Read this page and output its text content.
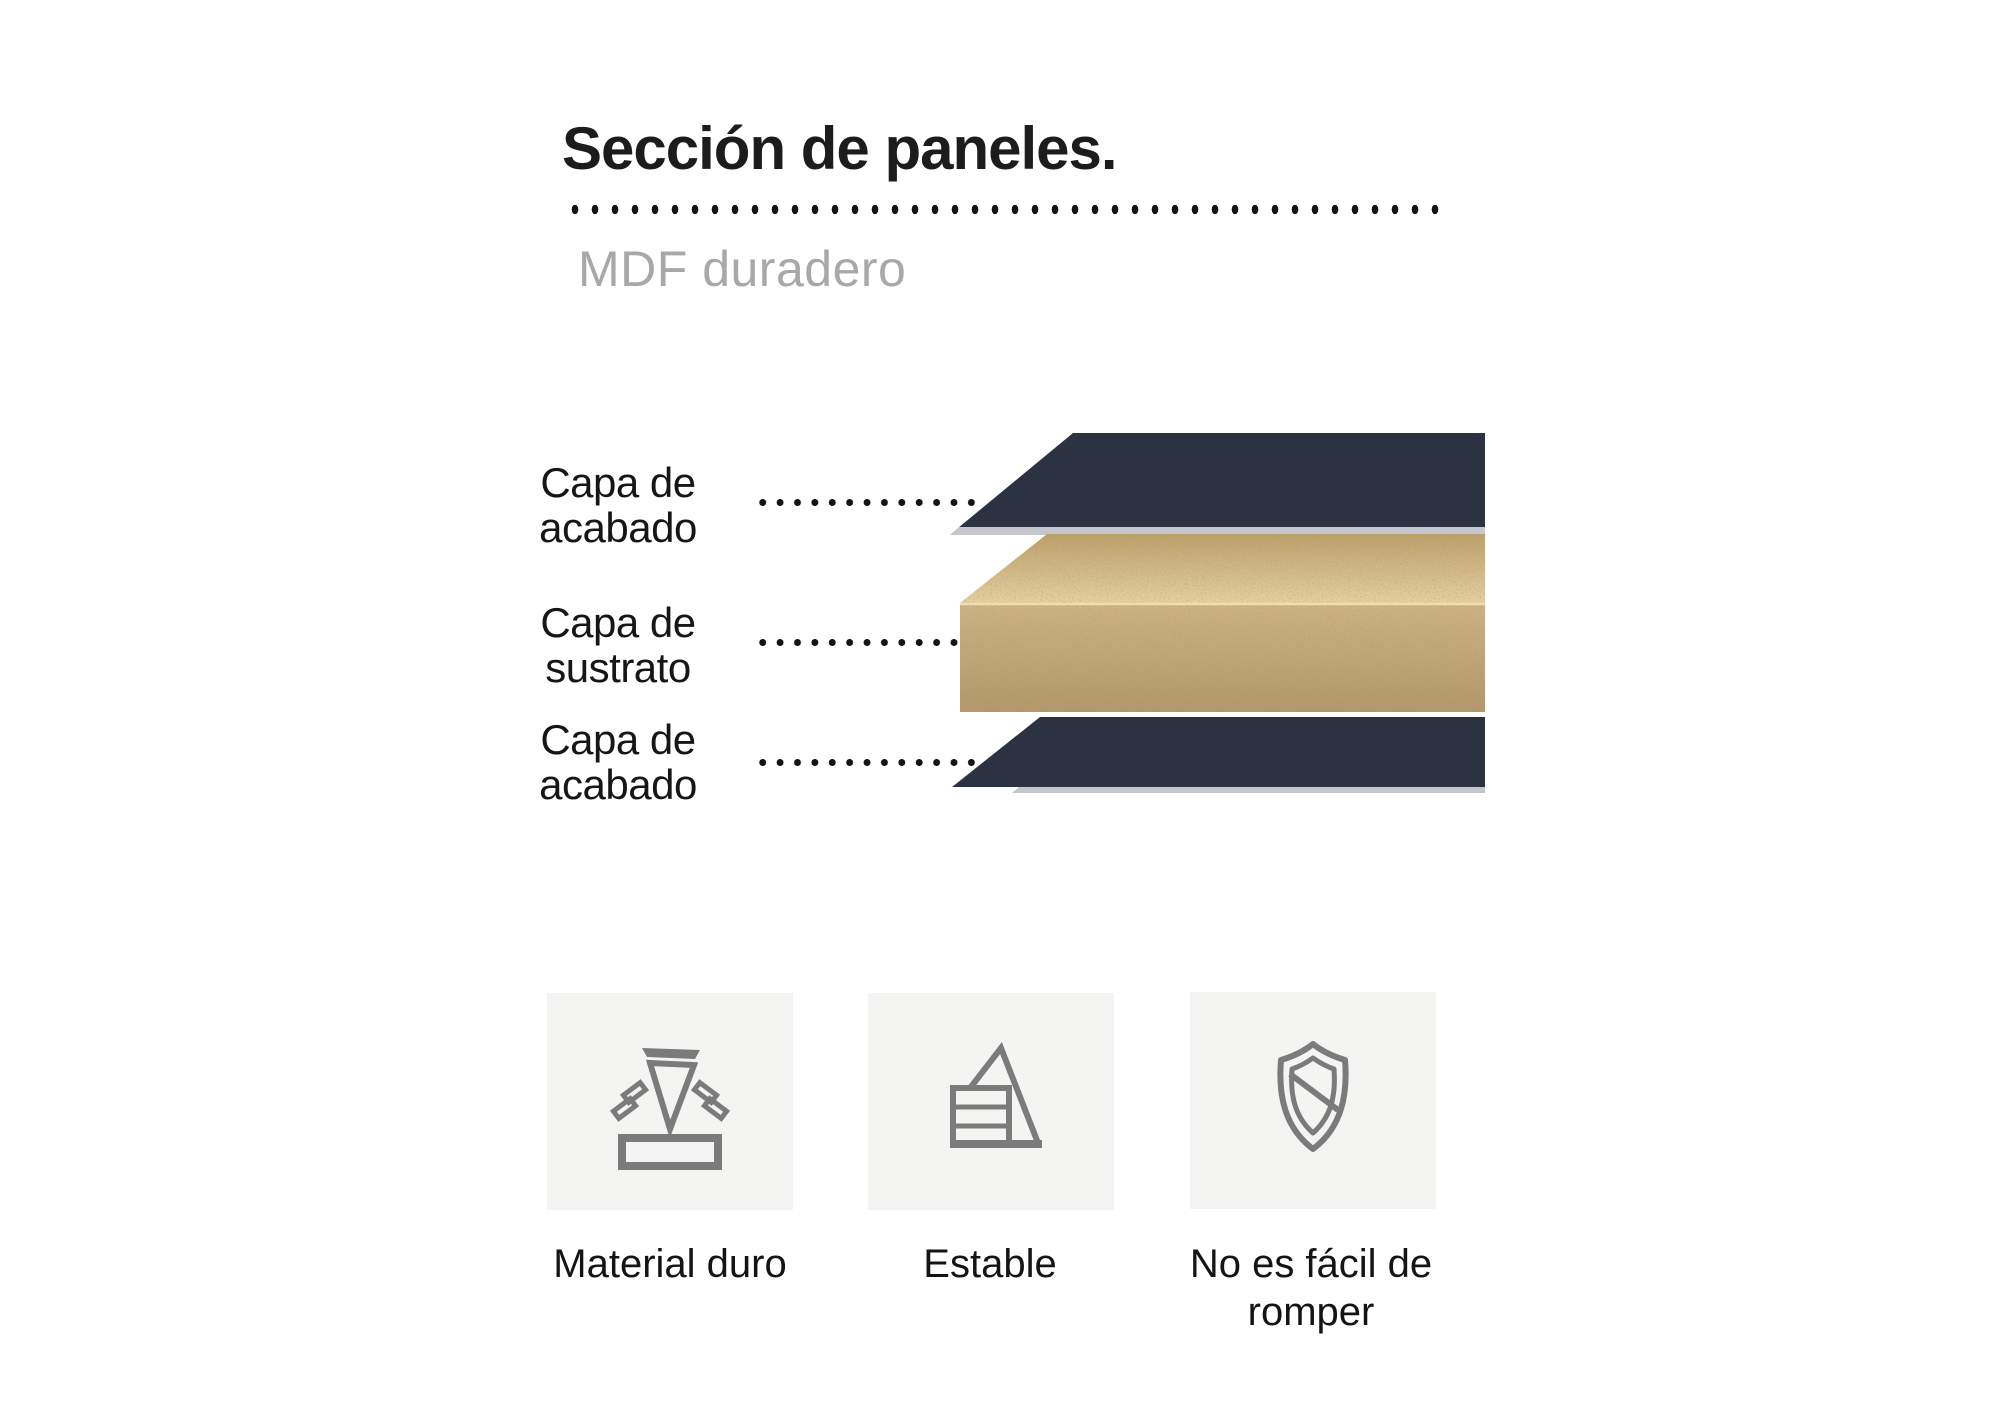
Sección de paneles.
MDF duradero
Capa de acabado
Capa de sustrato
Capa de acabado
Material duro	Estable	No es fácil de romper
